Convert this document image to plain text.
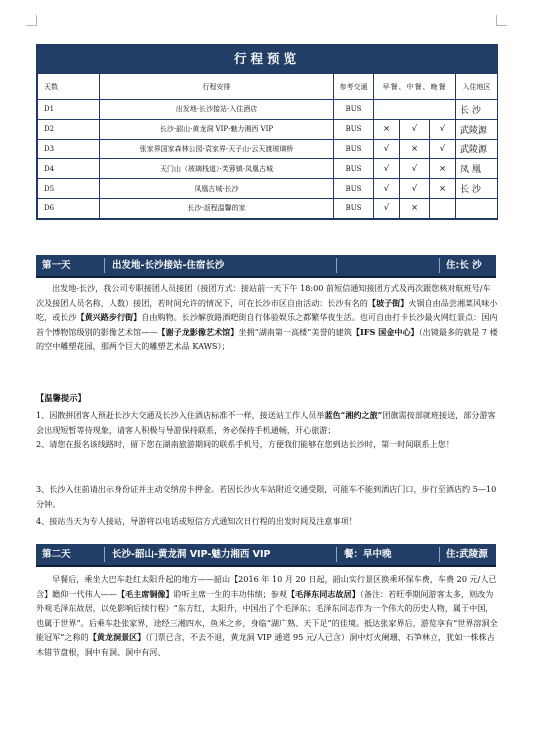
行程预览
天数	行程安排	参考交通	早餐、中餐、晚餐			入住地区
D1	出发地·长沙接站·入住酒店	BUS				长 沙
D2	长沙·韶山·黄龙洞 VIP·魅力湘西 VIP	BUS	×	√	√	武陵源
D3	张家界国家森林公园·袁家界·天子山·云天渡玻璃桥	BUS	√	×	√	武陵源
D4	天门山（玻璃栈道）·芙蓉镇·凤凰古城	BUS	√	√	×	凤 凰
D5	凤凰古城·长沙	BUS	√	√	×	长 沙
D6	长沙-返程温馨的家	BUS	√	×		
第一天	出发地-长沙接站-住宿长沙	住:长 沙

出发地-长沙，我公司专职接团人员接团（接团方式：接站前一天下午 18:00 前短信通知接团方式及再次跟您核对航班号/车次及接团人员名称，人数）接团，若时间允许的情况下，可在长沙市区自由活动：长沙有名的【坡子街】火锅自由品尝湘菜风味小吃，或长沙【黄兴路步行街】自由购物。长沙解放路酒吧街自行体验娱乐之都繁华夜生活。也可自由打卡长沙最火网红景点：国内首个博物馆级别的影像艺术馆——【谢子龙影像艺术馆】坐拥“湖南第一高楼”美誉的建筑【IFS 国金中心】（出镜最多的就是 7 楼的空中雕塑花园，那两个巨大的雕塑艺术品 KAWS）；

【温馨提示】

1、因散拼团客人预赶长沙大交通及长沙入住酒店标准不一样，接送站工作人员举蓝色“湘约之旅”团旗需按部就班接送，部分游客会出现短暂等待现象，请客人积极与导游保持联系，务必保持手机通畅，开心旅游；

2、请您在报名该线路时，留下您在湖南旅游期间的联系手机号，方便我们能够在您到达长沙时，第一时间联系上您！

3、长沙入住前请出示身份证并主动交纳房卡押金。若因长沙火车站附近交通受限，可能车不能到酒店门口，步行至酒店约 5—10 分钟。

4、接站当天为专人接站，导游将以电话或短信方式通知次日行程的出发时间及注意事项！

第二天	长沙-韶山-黄龙洞 VIP-魅力湘西 VIP	餐：早中晚	住:武陵源

早餐后，乘坐大巴车赴红太阳升起的地方——韶山【2016 年 10 月 20 日起，韶山实行景区换乘环保车费，车费 20 元/人已含】瞻仰一代伟人——【毛主席铜像】聆听主席一生的丰功伟绩；参观【毛泽东同志故居】（备注：若旺季期间游客太多，则改为外观毛泽东故居，以免影响后续行程）“东方红，太阳升，中国出了个毛泽东；毛泽东同志作为一个伟大的历史人物，属于中国，也属于世界”。后乘车赴张家界，途经三湘四水，鱼米之乡，身临“湖广熟、天下足”的佳境。抵达张家界后，游览享有“世界溶洞全能冠军”之称的【黄龙洞景区】（门票已含，不去不退，黄龙洞 VIP 通道 95 元/人已含）洞中灯火阑珊、石笋林立，犹如一株株古木错节盘根，洞中有洞、洞中有河、
